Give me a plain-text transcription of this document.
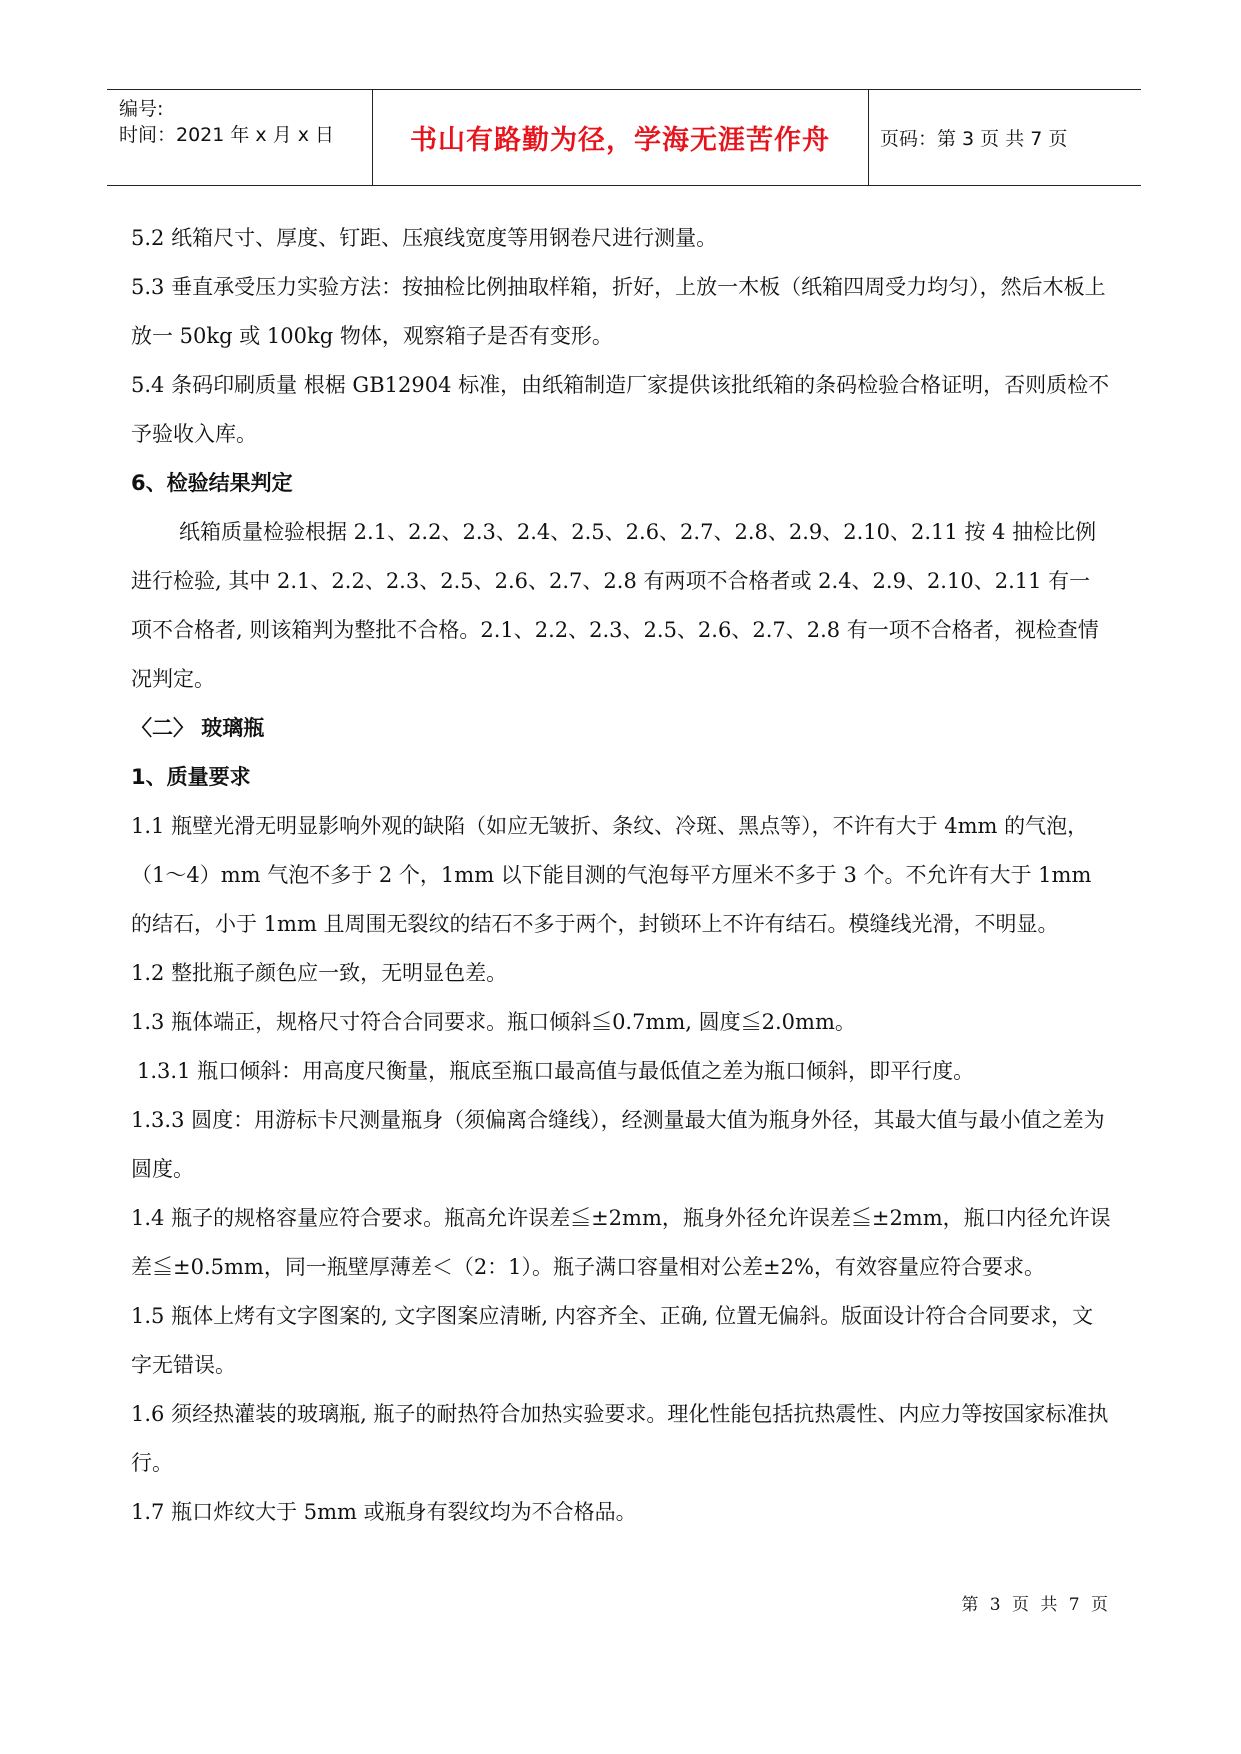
编号:
时间：2021 年 x 月 x 日	书山有路勤为径，学海无涯苦作舟	页码：第 3 页 共 7 页

5.2 纸箱尺寸、厚度、钉距、压痕线宽度等用钢卷尺进行测量。

5.3 垂直承受压力实验方法：按抽检比例抽取样箱，折好，上放一木板（纸箱四周受力均匀），然后木板上放一 50kg 或 100kg 物体，观察箱子是否有变形。

5.4 条码印刷质量 根椐 GB12904 标准，由纸箱制造厂家提供该批纸箱的条码检验合格证明，否则质检不予验收入库。

6、检验结果判定

纸箱质量检验根据 2.1、2.2、2.3、2.4、2.5、2.6、2.7、2.8、2.9、2.10、2.11 按 4 抽检比例进行检验, 其中 2.1、2.2、2.3、2.5、2.6、2.7、2.8 有两项不合格者或 2.4、2.9、2.10、2.11 有一项不合格者, 则该箱判为整批不合格。2.1、2.2、2.3、2.5、2.6、2.7、2.8 有一项不合格者，视检查情况判定。

〈二〉 玻璃瓶

1、质量要求

1.1 瓶壁光滑无明显影响外观的缺陷（如应无皱折、条纹、冷斑、黑点等），不许有大于 4mm 的气泡，（1～4）mm 气泡不多于 2 个，1mm 以下能目测的气泡每平方厘米不多于 3 个。不允许有大于 1mm 的结石，小于 1mm 且周围无裂纹的结石不多于两个，封锁环上不许有结石。模缝线光滑，不明显。

1.2 整批瓶子颜色应一致，无明显色差。

1.3 瓶体端正，规格尺寸符合合同要求。瓶口倾斜≦0.7mm, 圆度≦2.0mm。

1.3.1 瓶口倾斜：用高度尺衡量，瓶底至瓶口最高值与最低值之差为瓶口倾斜，即平行度。

1.3.3 圆度：用游标卡尺测量瓶身（须偏离合缝线），经测量最大值为瓶身外径，其最大值与最小值之差为圆度。

1.4 瓶子的规格容量应符合要求。瓶高允许误差≦±2mm，瓶身外径允许误差≦±2mm，瓶口内径允许误差≦±0.5mm，同一瓶壁厚薄差＜（2：1）。瓶子满口容量相对公差±2%，有效容量应符合要求。

1.5 瓶体上烤有文字图案的, 文字图案应清晰, 内容齐全、正确, 位置无偏斜。版面设计符合合同要求，文字无错误。

1.6 须经热灌装的玻璃瓶, 瓶子的耐热符合加热实验要求。理化性能包括抗热震性、内应力等按国家标准执行。

1.7 瓶口炸纹大于 5mm 或瓶身有裂纹均为不合格品。

第 3 页 共 7 页
